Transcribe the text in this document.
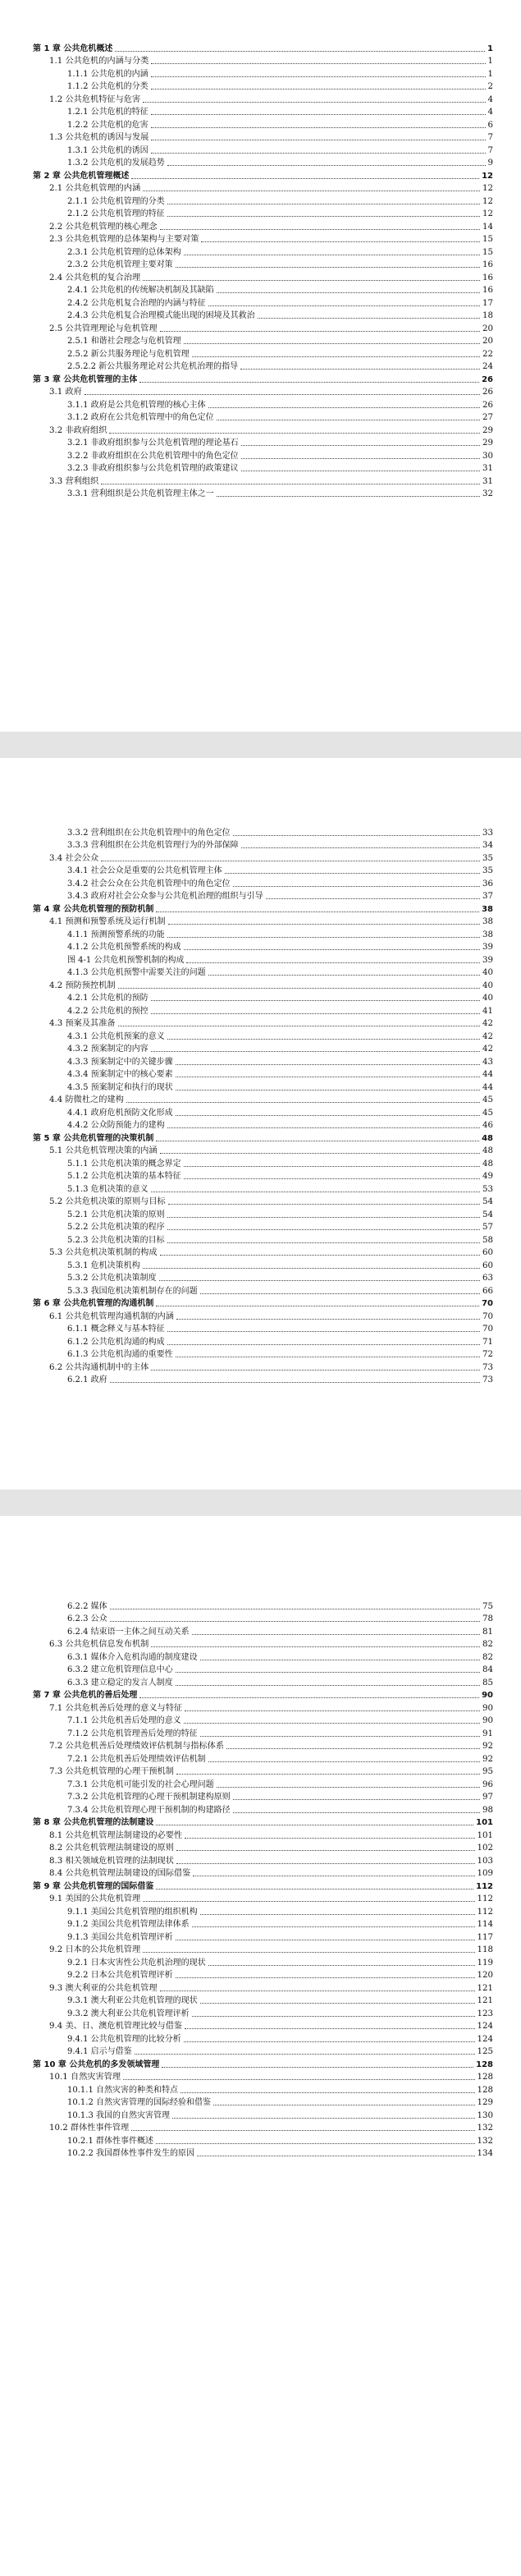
第 1 章 公共危机概述	1
1.1 公共危机的内涵与分类	1
1.1.1 公共危机的内涵	1
1.1.2 公共危机的分类	2
1.2 公共危机特征与危害	4
1.2.1 公共危机的特征	4
1.2.2 公共危机的危害	6
1.3 公共危机的诱因与发展	7
1.3.1 公共危机的诱因	7
1.3.2 公共危机的发展趋势	9
第 2 章 公共危机管理概述	12
2.1 公共危机管理的内涵	12
2.1.1 公共危机管理的分类	12
2.1.2 公共危机管理的特征	12
2.2 公共危机管理的核心理念	14
2.3 公共危机管理的总体架构与主要对策	15
2.3.1 公共危机管理的总体架构	15
2.3.2 公共危机管理主要对策	16
2.4 公共危机的复合治理	16
2.4.1 公共危机的传统解决机制及其缺陷	16
2.4.2 公共危机复合治理的内涵与特征	17
2.4.3 公共危机复合治理模式能出现的困境及其救治	18
2.5 公共管理理论与危机管理	20
2.5.1 和谐社会理念与危机管理	20
2.5.2 新公共服务理论与危机管理	22
2.5.2.2 新公共服务理论对公共危机治理的指导	24
第 3 章 公共危机管理的主体	26
3.1 政府	26
3.1.1 政府是公共危机管理的核心主体	26
3.1.2 政府在公共危机管理中的角色定位	27
3.2 非政府组织	29
3.2.1 非政府组织参与公共危机管理的理论基石	29
3.2.2 非政府组织在公共危机管理中的角色定位	30
3.2.3 非政府组织参与公共危机管理的政策建议	31
3.3 营利组织	31
3.3.1 营利组织是公共危机管理主体之一	32
3.3.2 营利组织在公共危机管理中的角色定位	33
3.3.3 营利组织在公共危机管理行为的外部保障	34
3.4 社会公众	35
3.4.1 社会公众是重要的公共危机管理主体	35
3.4.2 社会公众在公共危机管理中的角色定位	36
3.4.3 政府对社会公众参与公共危机治理的组织与引导	37
第 4 章 公共危机管理的预防机制	38
4.1 预测和预警系统及运行机制	38
4.1.1 预测预警系统的功能	38
4.1.2 公共危机预警系统的构成	39
图 4-1 公共危机预警机制的构成	39
4.1.3 公共危机预警中需要关注的问题	40
4.2 预防预控机制	40
4.2.1 公共危机的预防	40
4.2.2 公共危机的预控	41
4.3 预案及其准备	42
4.3.1 公共危机预案的意义	42
4.3.2 预案制定的内容	42
4.3.3 预案制定中的关键步骤	43
4.3.4 预案制定中的核心要素	44
4.3.5 预案制定和执行的现状	44
4.4 防微杜之的建构	45
4.4.1 政府危机预防文化形成	45
4.4.2 公众防预能力的建构	46
第 5 章 公共危机管理的决策机制	48
5.1 公共危机管理决策的内涵	48
5.1.1 公共危机决策的概念界定	48
5.1.2 公共危机决策的基本特征	49
5.1.3 危机决策的意义	53
5.2 公共危机决策的原则与目标	54
5.2.1 公共危机决策的原则	54
5.2.2 公共危机决策的程序	57
5.2.3 公共危机决策的目标	58
5.3 公共危机决策机制的构成	60
5.3.1 危机决策机构	60
5.3.2 公共危机决策制度	63
5.3.3 我国危机决策机制存在的问题	66
第 6 章 公共危机管理的沟通机制	70
6.1 公共危机管理沟通机制的内涵	70
6.1.1 概念释义与基本特征	70
6.1.2 公共危机沟通的构成	71
6.1.3 公共危机沟通的重要性	72
6.2 公共沟通机制中的主体	73
6.2.1 政府	73
6.2.2 媒体	75
6.2.3 公众	78
6.2.4 结束语一主体之间互动关系	81
6.3 公共危机信息发布机制	82
6.3.1 媒体介入危机沟通的制度建设	82
6.3.2 建立危机管理信息中心	84
6.3.3 建立稳定的发言人制度	85
第 7 章 公共危机的善后处理	90
7.1 公共危机善后处理的意义与特征	90
7.1.1 公共危机善后处理的意义	90
7.1.2 公共危机管理善后处理的特征	91
7.2 公共危机善后处理绩效评估机制与指标体系	92
7.2.1 公共危机善后处理绩效评估机制	92
7.3 公共危机管理的心理干预机制	95
7.3.1 公共危机可能引发的社会心理问题	96
7.3.2 公共危机管理的心理干预机制建构原则	97
7.3.4 公共危机管理心理干预机制的构建路径	98
第 8 章 公共危机管理的法制建设	101
8.1 公共危机管理法制建设的必要性	101
8.2 公共危机管理法制建设的原则	102
8.3 相关领域危机管理的法制现状	103
8.4 公共危机管理法制建设的国际借鉴	109
第 9 章 公共危机管理的国际借鉴	112
9.1 美国的公共危机管理	112
9.1.1 美国公共危机管理的组织机构	112
9.1.2 美国公共危机管理法律体系	114
9.1.3 美国公共危机管理评析	117
9.2 日本的公共危机管理	118
9.2.1 日本灾害性公共危机治理的现状	119
9.2.2 日本公共危机管理评析	120
9.3 澳大利亚的公共危机管理	121
9.3.1 澳大利亚公共危机管理的现状	121
9.3.2 澳大利亚公共危机管理评析	123
9.4 美、日、澳危机管理比较与借鉴	124
9.4.1 公共危机管理的比较分析	124
9.4.1 启示与借鉴	125
第 10 章 公共危机的多发领域管理	128
10.1 自然灾害管理	128
10.1.1 自然灾害的种类和特点	128
10.1.2 自然灾害管理的国际经验和借鉴	129
10.1.3 我国的自然灾害管理	130
10.2 群体性事件管理	132
10.2.1 群体性事件概述	132
10.2.2 我国群体性事件发生的原因	134
